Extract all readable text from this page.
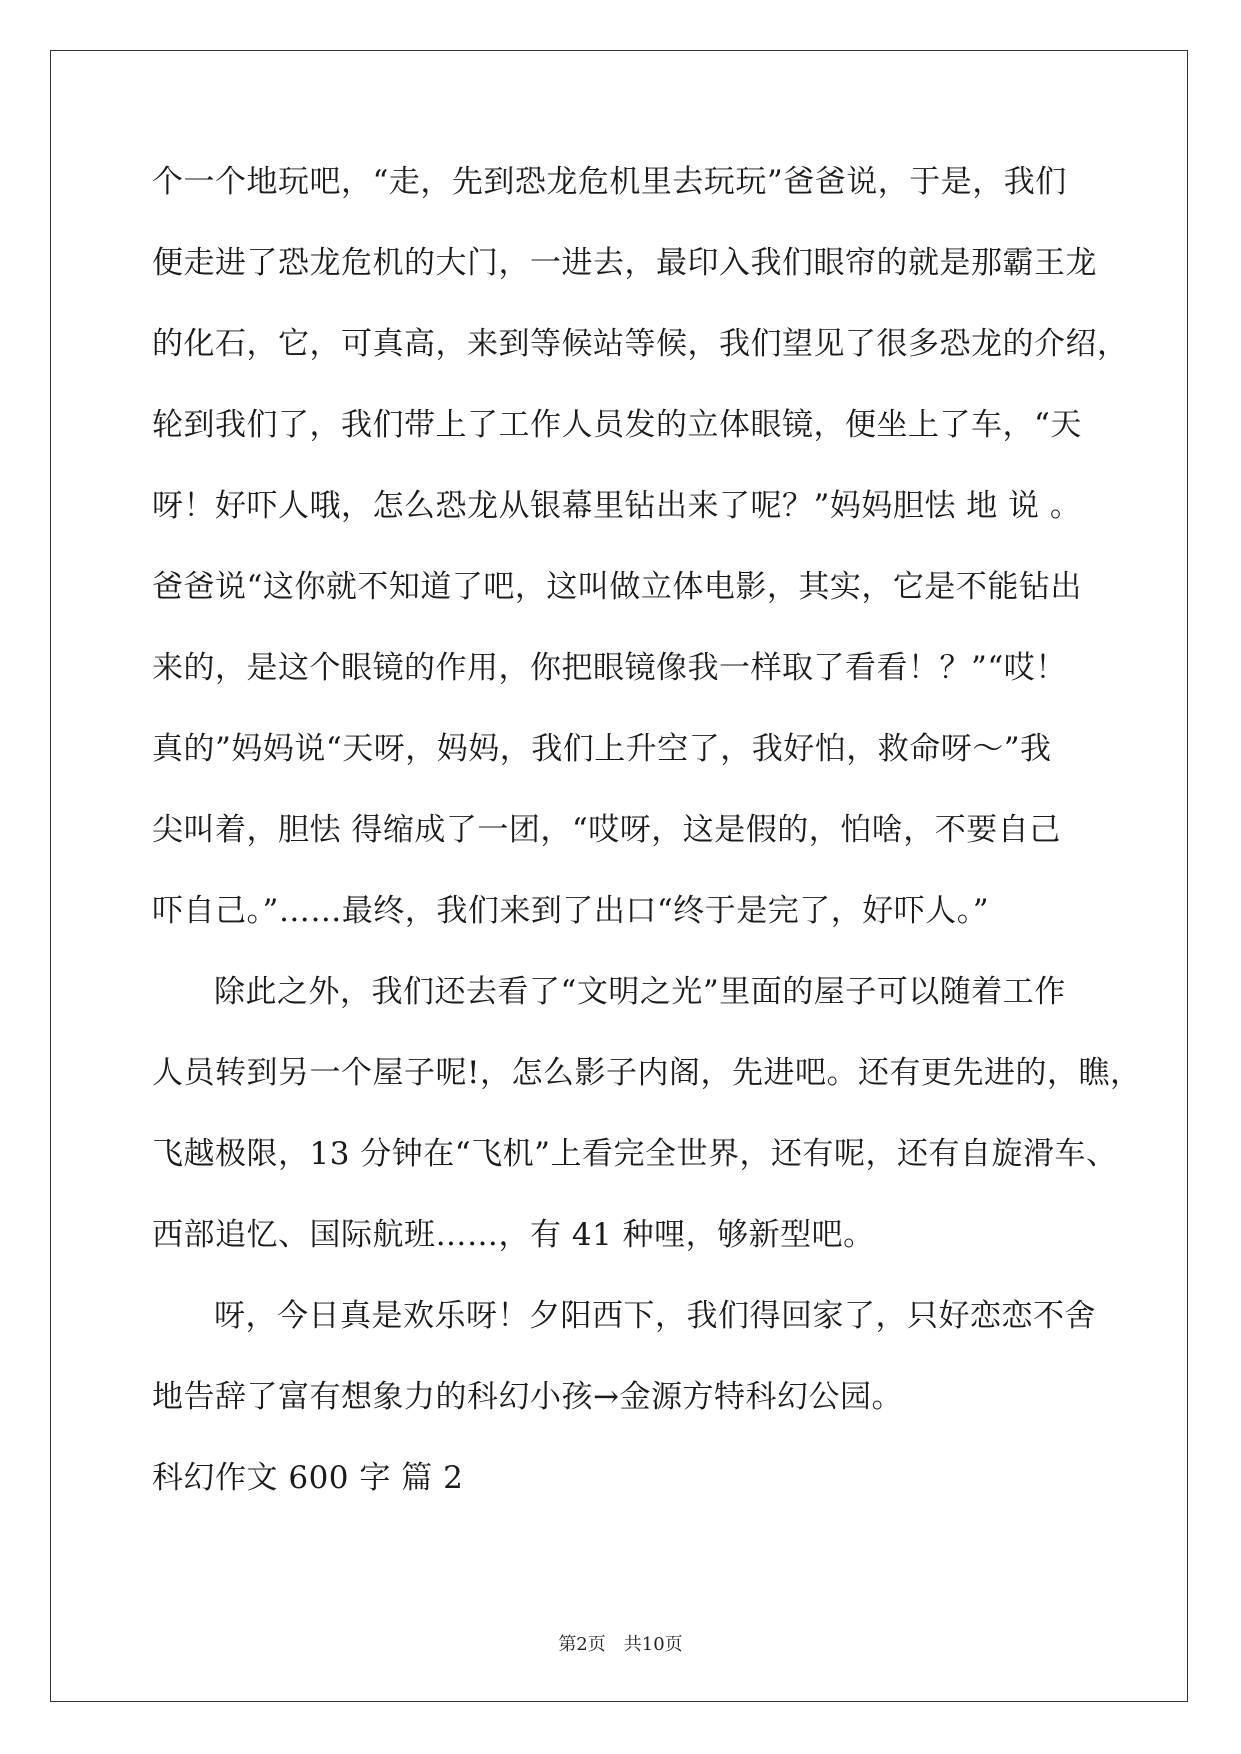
个一个地玩吧，“走，先到恐龙危机里去玩玩”爸爸说，于是，我们
便走进了恐龙危机的大门，一进去，最印入我们眼帘的就是那霸王龙
的化石，它，可真高，来到等候站等候，我们望见了很多恐龙的介绍，
轮到我们了，我们带上了工作人员发的立体眼镜，便坐上了车，“天
呀！好吓人哦，怎么恐龙从银幕里钻出来了呢？”妈妈胆怯 地 说 。
爸爸说“这你就不知道了吧，这叫做立体电影，其实，它是不能钻出
来的，是这个眼镜的作用，你把眼镜像我一样取了看看！？”“哎！
真的”妈妈说“天呀，妈妈，我们上升空了，我好怕，救命呀～”我
尖叫着，胆怯 得缩成了一团，“哎呀，这是假的，怕啥，不要自己
吓自己。”……最终，我们来到了出口“终于是完了，好吓人。”
除此之外，我们还去看了“文明之光”里面的屋子可以随着工作
人员转到另一个屋子呢!，怎么影子内阁，先进吧。还有更先进的，瞧，
飞越极限，13 分钟在“飞机”上看完全世界，还有呢，还有自旋滑车、
西部追忆、国际航班……，有 41 种哩，够新型吧。
呀，今日真是欢乐呀！夕阳西下，我们得回家了，只好恋恋不舍
地告辞了富有想象力的科幻小孩→金源方特科幻公园。
科幻作文 600 字 篇 2
第2页 共10页
